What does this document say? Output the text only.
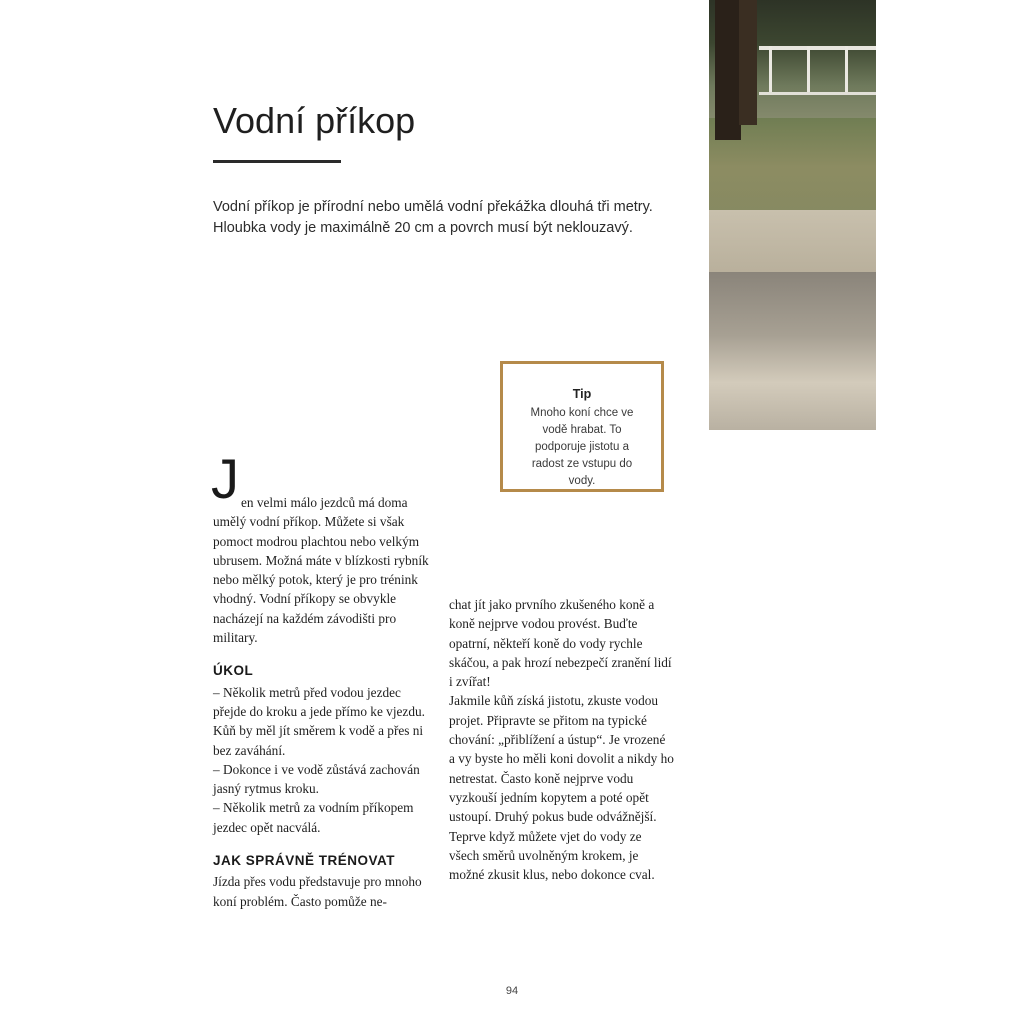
Vodní příkop

Vodní příkop je přírodní nebo umělá vodní překážka dlouhá tři metry. Hloubka vody je maximálně 20 cm a povrch musí být neklouzavý.

Tip
Mnoho koní chce ve vodě hrabat. To podporuje jistotu a radost ze vstupu do vody.
J en velmi málo jezdců má doma umělý vodní příkop. Můžete si však pomoct modrou plachtou nebo velkým ubrusem. Možná máte v blízkosti rybník nebo mělký potok, který je pro trénink vhodný. Vodní příkopy se obvykle nacházejí na každém závodišti pro military.

ÚKOL

– Několik metrů před vodou jezdec přejde do kroku a jede přímo ke vjezdu. Kůň by měl jít směrem k vodě a přes ni bez zaváhání.

– Dokonce i ve vodě zůstává zachován jasný rytmus kroku.

– Několik metrů za vodním příkopem jezdec opět nacválá.

JAK SPRÁVNĚ TRÉNOVAT

Jízda přes vodu představuje pro mnoho koní problém. Často pomůže ne-

chat jít jako prvního zkušeného koně a koně nejprve vodou provést. Buďte opatrní, někteří koně do vody rychle skáčou, a pak hrozí nebezpečí zranění lidí i zvířat!

Jakmile kůň získá jistotu, zkuste vodou projet. Připravte se přitom na typické chování: „přiblížení a ústup“. Je vrozené a vy byste ho měli koni dovolit a nikdy ho netrestat. Často koně nejprve vodu vyzkouší jedním kopytem a poté opět ustoupí. Druhý pokus bude odvážnější.

Teprve když můžete vjet do vody ze všech směrů uvolněným krokem, je možné zkusit klus, nebo dokonce cval.

94
